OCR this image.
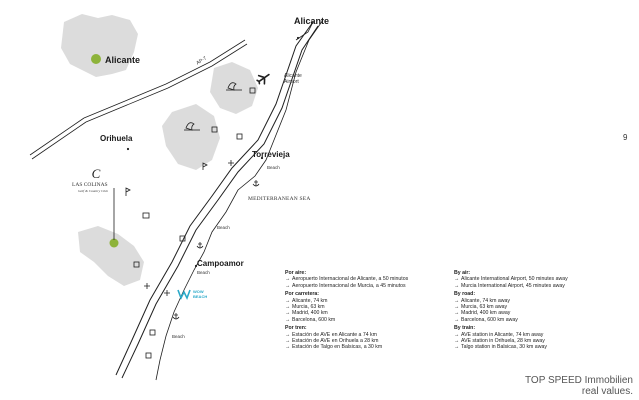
C
Alicante
Alicante
Alicante
Airport
Orihuela
Torrevieja
Campoamor
AP-7
MEDITERRANEAN SEA
LAS COLINAS
Golf & Country Club
Beach
Beach
Beach
Beach
WOW
BEACH
9
Por aire:
→ Aeropuerto Internacional de Alicante, a 50 minutos
→ Aeropuerto Internacional de Murcia, a 45 minutos
Por carretera:
→ Alicante, 74 km
→ Murcia, 63 km
→ Madrid, 400 km
→ Barcelona, 600 km
Por tren:
→ Estación de AVE en Alicante a 74 km
→ Estación de AVE en Orihuela a 28 km
→ Estación de Talgo en Balsicas, a 30 km
By air:
→ Alicante International Airport, 50 minutes away
→ Murcia International Airport, 45 minutes away
By road:
→ Alicante, 74 km away
→ Murcia, 63 km away
→ Madrid, 400 km away
→ Barcelona, 600 km away
By train:
→ AVE station in Alicante, 74 km away
→ AVE station in Orihuela, 28 km away
→ Talgo station in Balsicas, 30 km away
TOP SPEED Immobilien
real values.
